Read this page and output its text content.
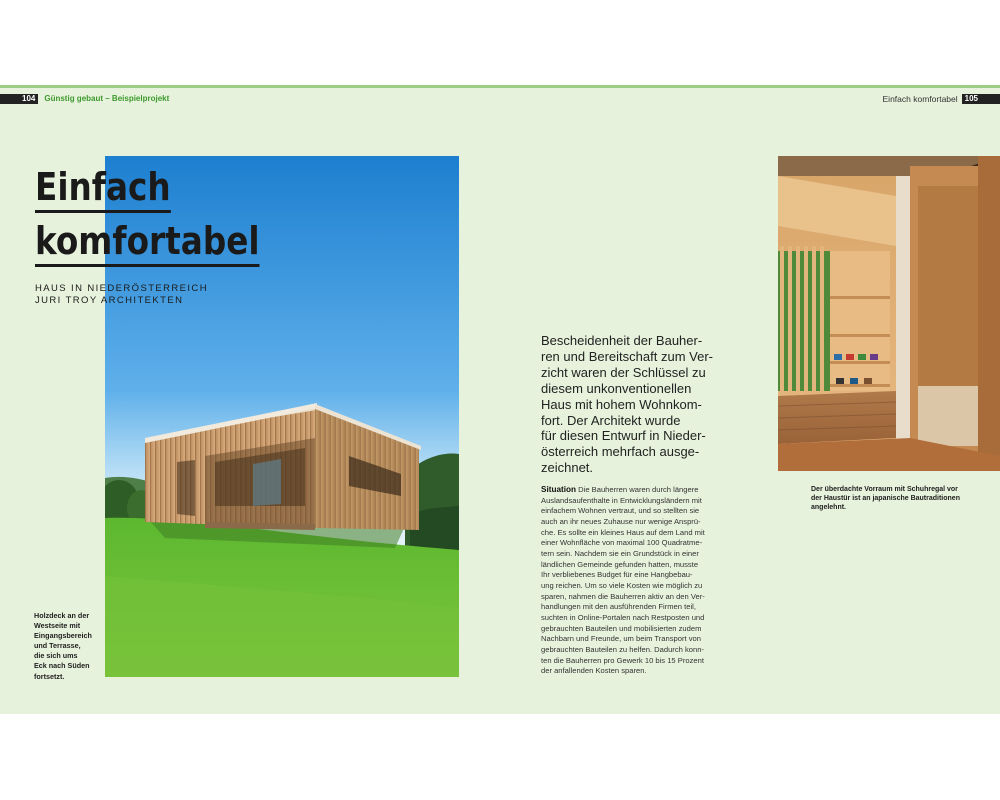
104 Günstig gebaut – Beispielprojekt	Einfach komfortabel 105
Einfach
komfortabel
HAUS IN NIEDERÖSTERREICH
JURI TROY ARCHITEKTEN
Holzdeck an der
Westseite mit
Eingangsbereich
und Terrasse,
die sich ums
Eck nach Süden
fortsetzt.
Bescheidenheit der Bauher-
ren und Bereitschaft zum Ver-
zicht waren der Schlüssel zu
diesem unkonventionellen
Haus mit hohem Wohnkom-
fort. Der Architekt wurde
für diesen Entwurf in Nieder-
österreich mehrfach ausge-
zeichnet.
Situation Die Bauherren waren durch längere
Auslandsaufenthalte in Entwicklungsländern mit
einfachem Wohnen vertraut, und so stellten sie
auch an ihr neues Zuhause nur wenige Ansprü-
che. Es sollte ein kleines Haus auf dem Land mit
einer Wohnfläche von maximal 100 Quadratme-
tern sein. Nachdem sie ein Grundstück in einer
ländlichen Gemeinde gefunden hatten, musste
Ihr verbliebenes Budget für eine Hangbebau-
ung reichen. Um so viele Kosten wie möglich zu
sparen, nahmen die Bauherren aktiv an den Ver-
handlungen mit den ausführenden Firmen teil,
suchten in Online-Portalen nach Restposten und
gebrauchten Bauteilen und mobilisierten zudem
Nachbarn und Freunde, um beim Transport von
gebrauchten Bauteilen zu helfen. Dadurch konn-
ten die Bauherren pro Gewerk 10 bis 15 Prozent
der anfallenden Kosten sparen.
Der überdachte Vorraum mit Schuhregal vor
der Haustür ist an japanische Bautraditionen
angelehnt.
